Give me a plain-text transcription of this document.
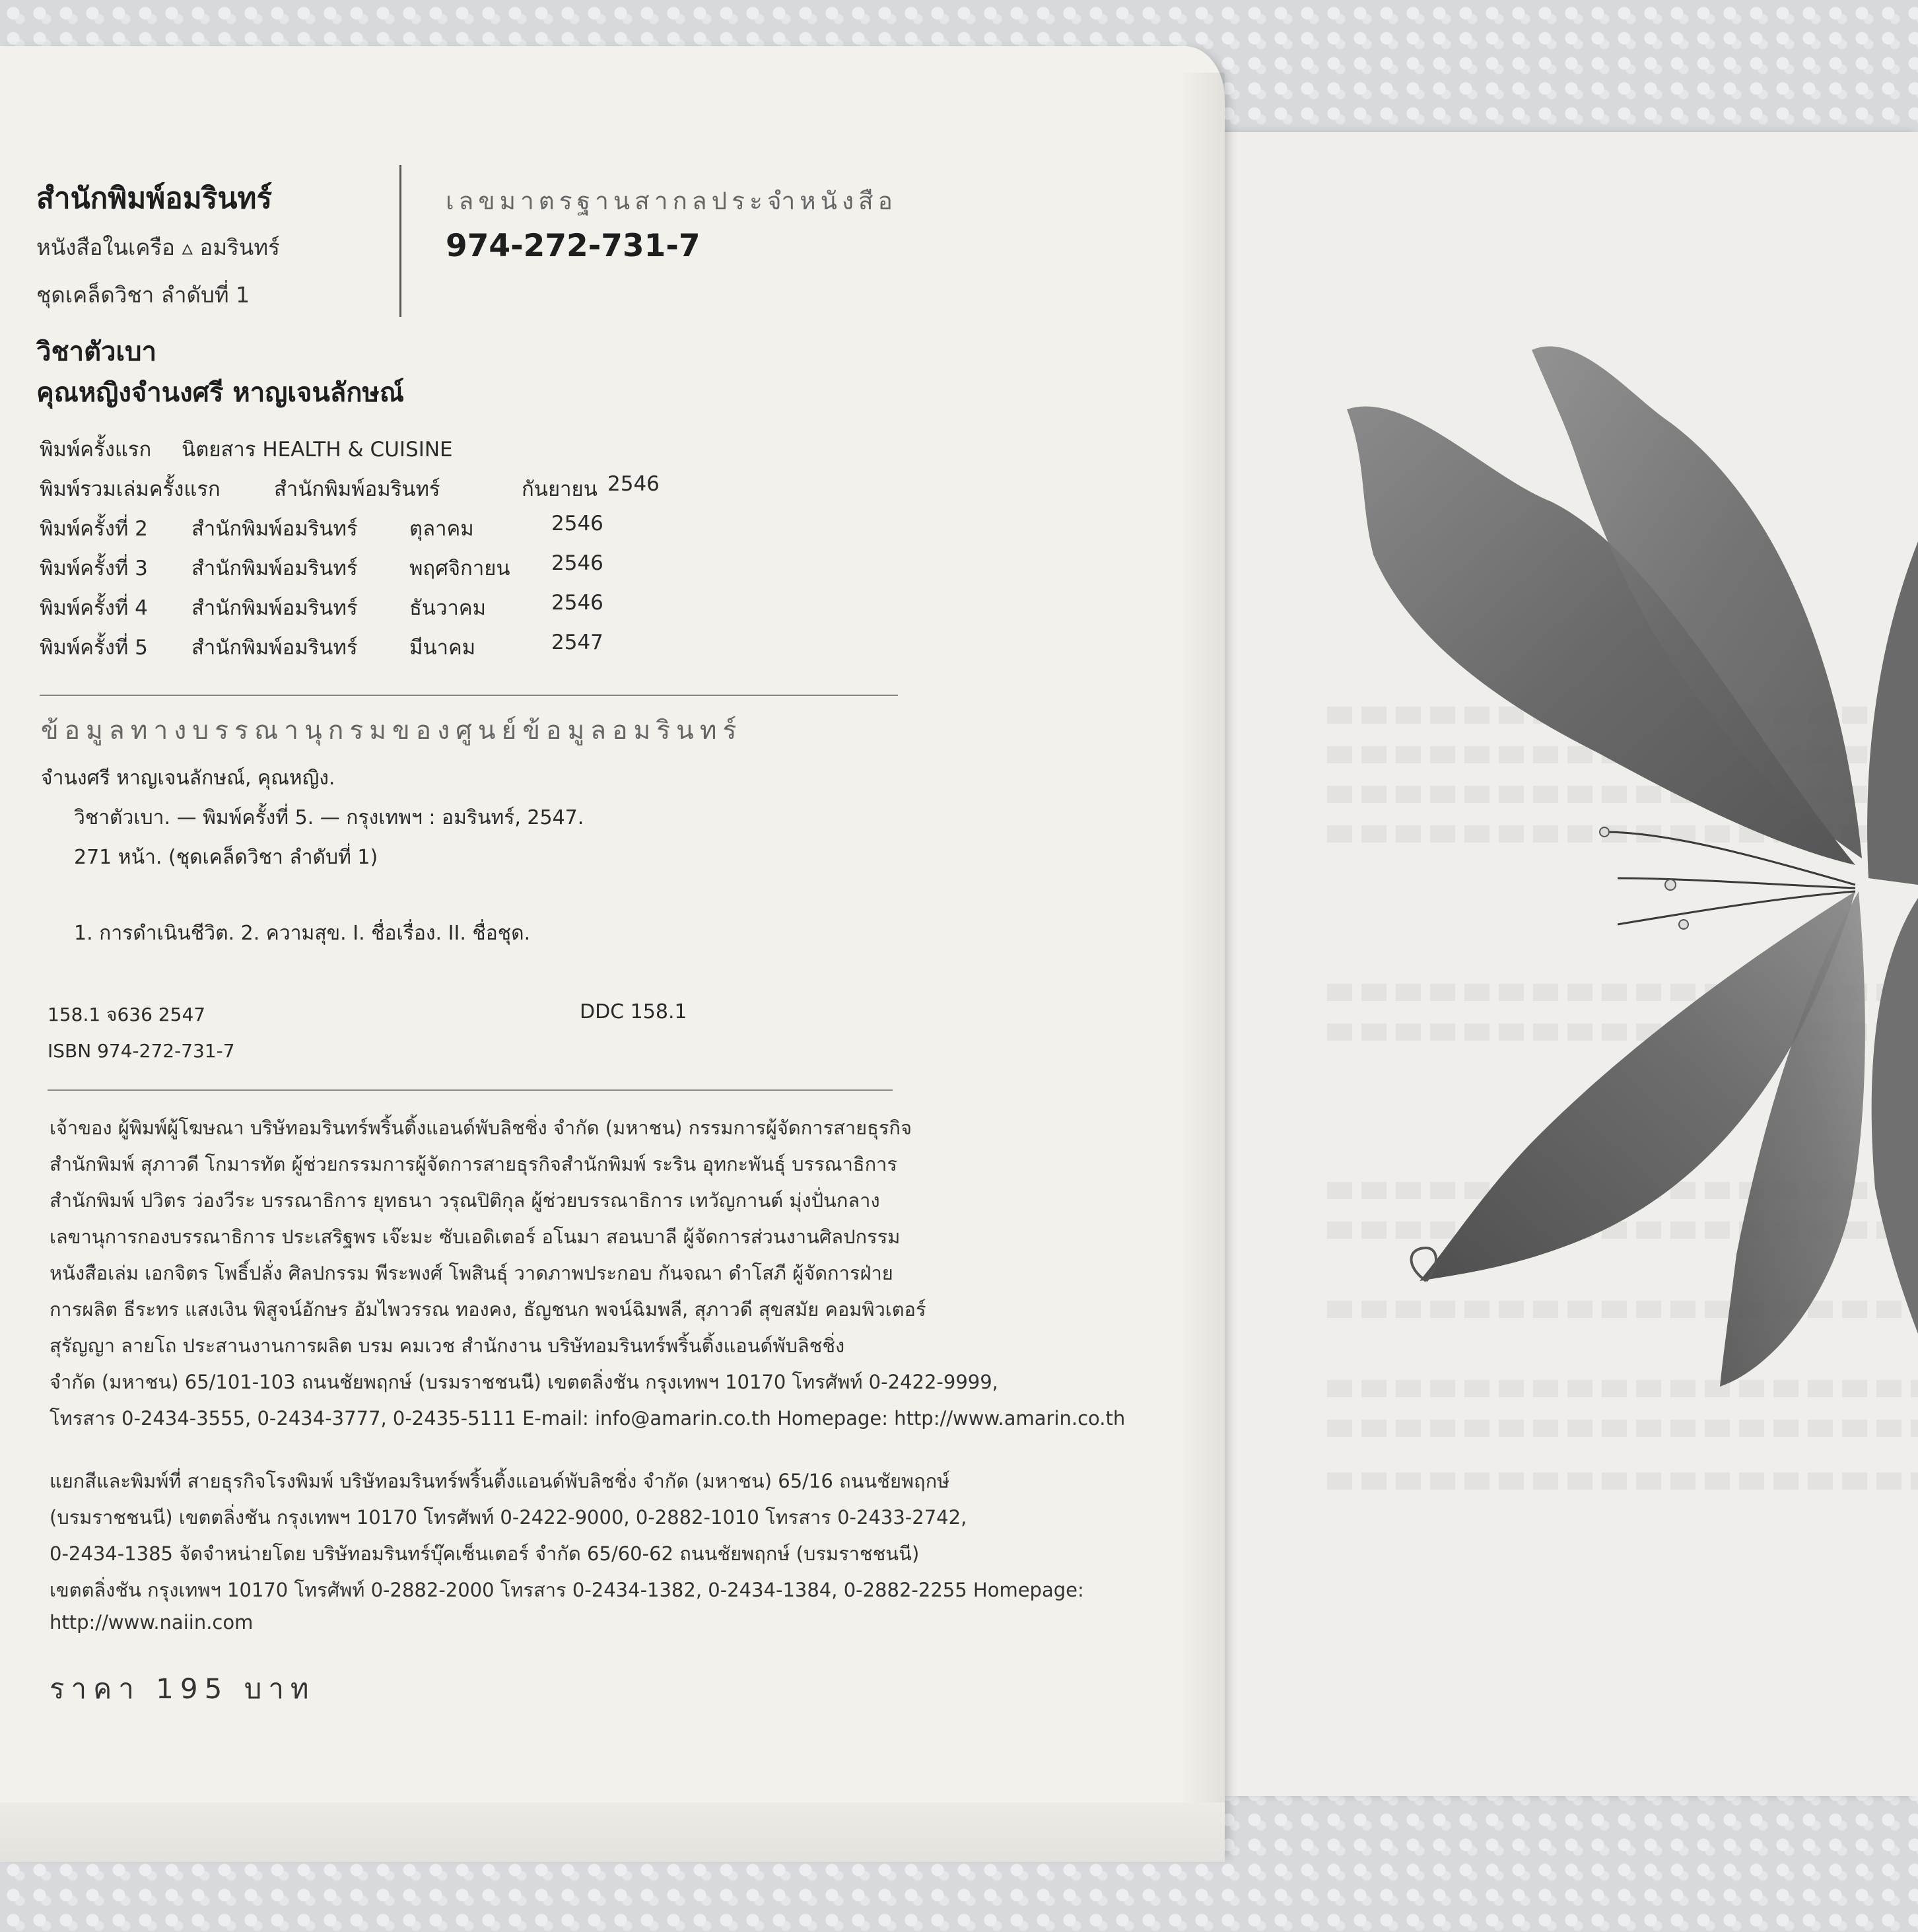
สำนักพิมพ์อมรินทร์
หนังสือในเครือ ▵ อมรินทร์
ชุดเคล็ดวิชา ลำดับที่ 1
เลขมาตรฐานสากลประจำหนังสือ
974-272-731-7
วิชาตัวเบา
คุณหญิงจำนงศรี หาญเจนลักษณ์
พิมพ์ครั้งแรก นิตยสาร HEALTH & CUISINE
พิมพ์รวมเล่มครั้งแรก	สำนักพิมพ์อมรินทร์	กันยายน 2546
พิมพ์ครั้งที่ 2 สำนักพิมพ์อมรินทร์	ตุลาคม	2546
พิมพ์ครั้งที่ 3 สำนักพิมพ์อมรินทร์	พฤศจิกายน 2546
พิมพ์ครั้งที่ 4 สำนักพิมพ์อมรินทร์	ธันวาคม	2546
พิมพ์ครั้งที่ 5 สำนักพิมพ์อมรินทร์	มีนาคม	2547
ข้อมูลทางบรรณานุกรมของศูนย์ข้อมูลอมรินทร์
จำนงศรี หาญเจนลักษณ์, คุณหญิง.
วิชาตัวเบา. — พิมพ์ครั้งที่ 5. — กรุงเทพฯ : อมรินทร์, 2547.
271 หน้า. (ชุดเคล็ดวิชา ลำดับที่ 1)
1. การดำเนินชีวิต. 2. ความสุข. I. ชื่อเรื่อง. II. ชื่อชุด.
158.1 จ636 2547	DDC 158.1
ISBN 974-272-731-7
เจ้าของ ผู้พิมพ์ผู้โฆษณา บริษัทอมรินทร์พริ้นติ้งแอนด์พับลิชชิ่ง จำกัด (มหาชน) กรรมการผู้จัดการสายธุรกิจ
สำนักพิมพ์ สุภาวดี โกมารทัต ผู้ช่วยกรรมการผู้จัดการสายธุรกิจสำนักพิมพ์ ระริน อุทกะพันธุ์ บรรณาธิการ
สำนักพิมพ์ ปวิตร ว่องวีระ บรรณาธิการ ยุทธนา วรุณปิติกุล ผู้ช่วยบรรณาธิการ เทวัญกานต์ มุ่งปั่นกลาง
เลขานุการกองบรรณาธิการ ประเสริฐพร เจ๊ะมะ ซับเอดิเตอร์ อโนมา สอนบาลี ผู้จัดการส่วนงานศิลปกรรม
หนังสือเล่ม เอกจิตร โพธิ์ปลั่ง ศิลปกรรม พีระพงศ์ โพสินธุ์ วาดภาพประกอบ กันจณา ดำโสภี ผู้จัดการฝ่าย
การผลิต ธีระทร แสงเงิน พิสูจน์อักษร อัมไพวรรณ ทองคง, ธัญชนก พจน์ฉิมพลี, สุภาวดี สุขสมัย คอมพิวเตอร์
สุรัญญา ลายโถ ประสานงานการผลิต บรม คมเวช สำนักงาน บริษัทอมรินทร์พริ้นติ้งแอนด์พับลิชชิ่ง
จำกัด (มหาชน) 65/101-103 ถนนชัยพฤกษ์ (บรมราชชนนี) เขตตลิ่งชัน กรุงเทพฯ 10170 โทรศัพท์ 0-2422-9999,
โทรสาร 0-2434-3555, 0-2434-3777, 0-2435-5111 E-mail: info@amarin.co.th Homepage: http://www.amarin.co.th
แยกสีและพิมพ์ที่ สายธุรกิจโรงพิมพ์ บริษัทอมรินทร์พริ้นติ้งแอนด์พับลิชชิ่ง จำกัด (มหาชน) 65/16 ถนนชัยพฤกษ์
(บรมราชชนนี) เขตตลิ่งชัน กรุงเทพฯ 10170 โทรศัพท์ 0-2422-9000, 0-2882-1010 โทรสาร 0-2433-2742,
0-2434-1385 จัดจำหน่ายโดย บริษัทอมรินทร์บุ๊คเซ็นเตอร์ จำกัด 65/60-62 ถนนชัยพฤกษ์ (บรมราชชนนี)
เขตตลิ่งชัน กรุงเทพฯ 10170 โทรศัพท์ 0-2882-2000 โทรสาร 0-2434-1382, 0-2434-1384, 0-2882-2255 Homepage:
http://www.naiin.com
ราคา 195 บาท
